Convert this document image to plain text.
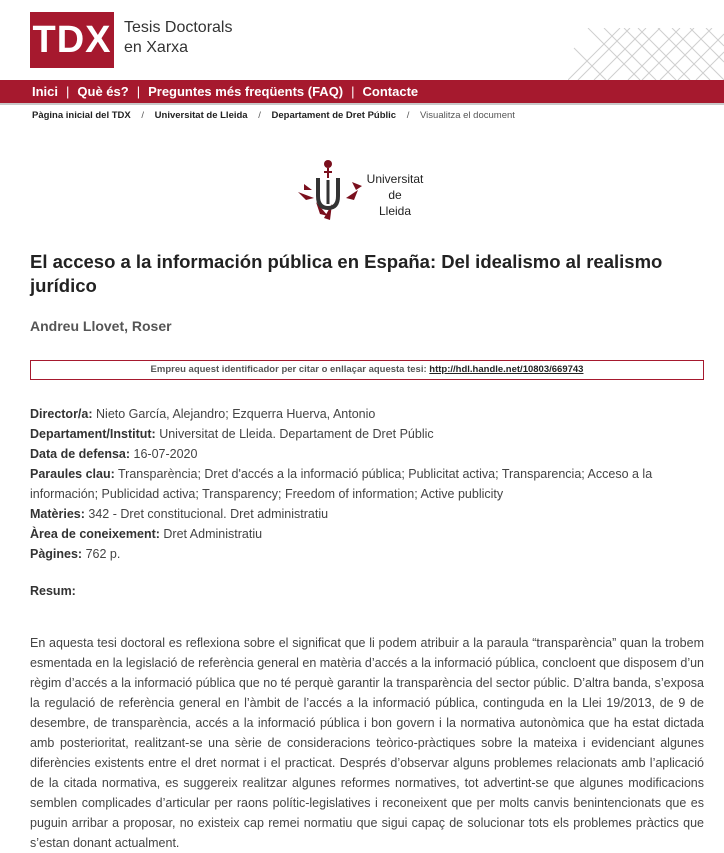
TDX Tesis Doctorals
en Xarxa
Inici | Què és? | Preguntes més freqüents (FAQ) | Contacte
Pàgina inicial del TDX / Universitat de Lleida / Departament de Dret Públic / Visualitza el document
Universitat
de
Lleida
El acceso a la información pública en España: Del idealismo al realismo jurídico
Andreu Llovet, Roser
Empreu aquest identificador per citar o enllaçar aquesta tesi: http://hdl.handle.net/10803/669743

Director/a: Nieto García, Alejandro; Ezquerra Huerva, Antonio

Departament/Institut: Universitat de Lleida. Departament de Dret Públic

Data de defensa: 16-07-2020

Paraules clau: Transparència; Dret d'accés a la informació pública; Publicitat activa; Transparencia; Acceso a la información; Publicidad activa; Transparency; Freedom of information; Active publicity

Matèries: 342 - Dret constitucional. Dret administratiu

Àrea de coneixement: Dret Administratiu

Pàgines: 762 p.

Resum:

En aquesta tesi doctoral es reflexiona sobre el significat que li podem atribuir a la paraula “transparència” quan la trobem esmentada en la legislació de referència general en matèria d’accés a la informació pública, concloent que disposem d’un règim d’accés a la informació pública que no té perquè garantir la transparència del sector públic. D’altra banda, s’exposa la regulació de referència general en l’àmbit de l’accés a la informació pública, continguda en la Llei 19/2013, de 9 de desembre, de transparència, accés a la informació pública i bon govern i la normativa autonòmica que ha estat dictada amb posterioritat, realitzant-se una sèrie de consideracions teòrico-pràctiques sobre la mateixa i evidenciant algunes diferències existents entre el dret normat i el practicat. Després d’observar alguns problemes relacionats amb l’aplicació de la citada normativa, es suggereix realitzar algunes reformes normatives, tot advertint-se que algunes modificacions semblen complicades d’articular per raons polític-legislatives i reconeixent que per molts canvis benintencionats que es puguin arribar a proposar, no existeix cap remei normatiu que sigui capaç de solucionar tots els problemes pràctics que s’estan donant actualment.
